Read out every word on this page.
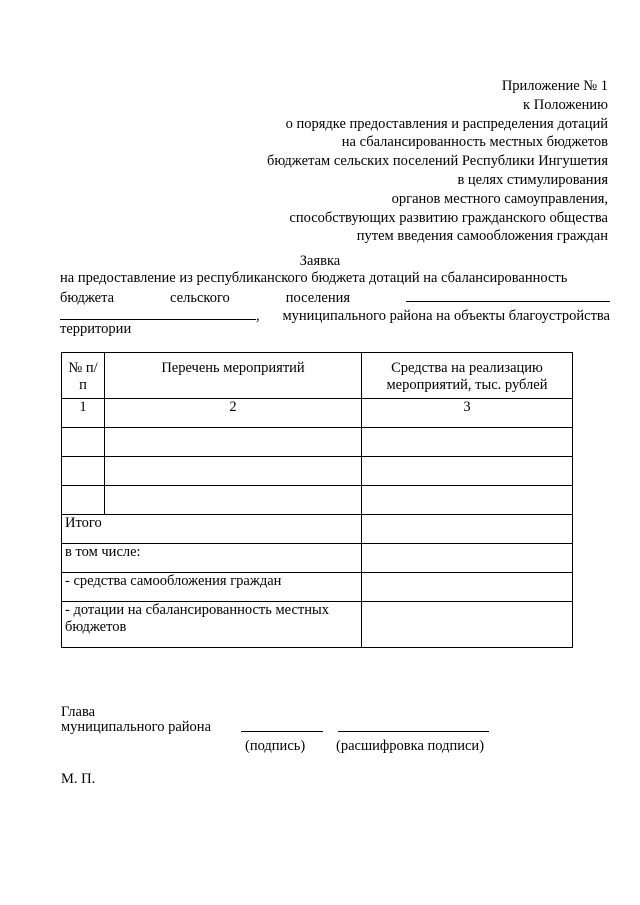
Приложение № 1
к Положению
о порядке предоставления и распределения дотаций
на сбалансированность местных бюджетов
бюджетам сельских поселений Республики Ингушетия
в целях стимулирования
органов местного самоуправления,
способствующих развитию гражданского общества
путем введения самообложения граждан
Заявка
на предоставление из республиканского бюджета дотаций на сбалансированность
бюджета	сельского	поселения
, муниципального района на объекты благоустройства
территории
№ п/п	Перечень мероприятий	Средства на реализацию мероприятий, тыс. рублей
1	2	3

Итого		
в том числе:		
- средства самообложения граждан		
- дотации на сбалансированность местных бюджетов		
Глава
муниципального района
(подпись) (расшифровка подписи)
М. П.
